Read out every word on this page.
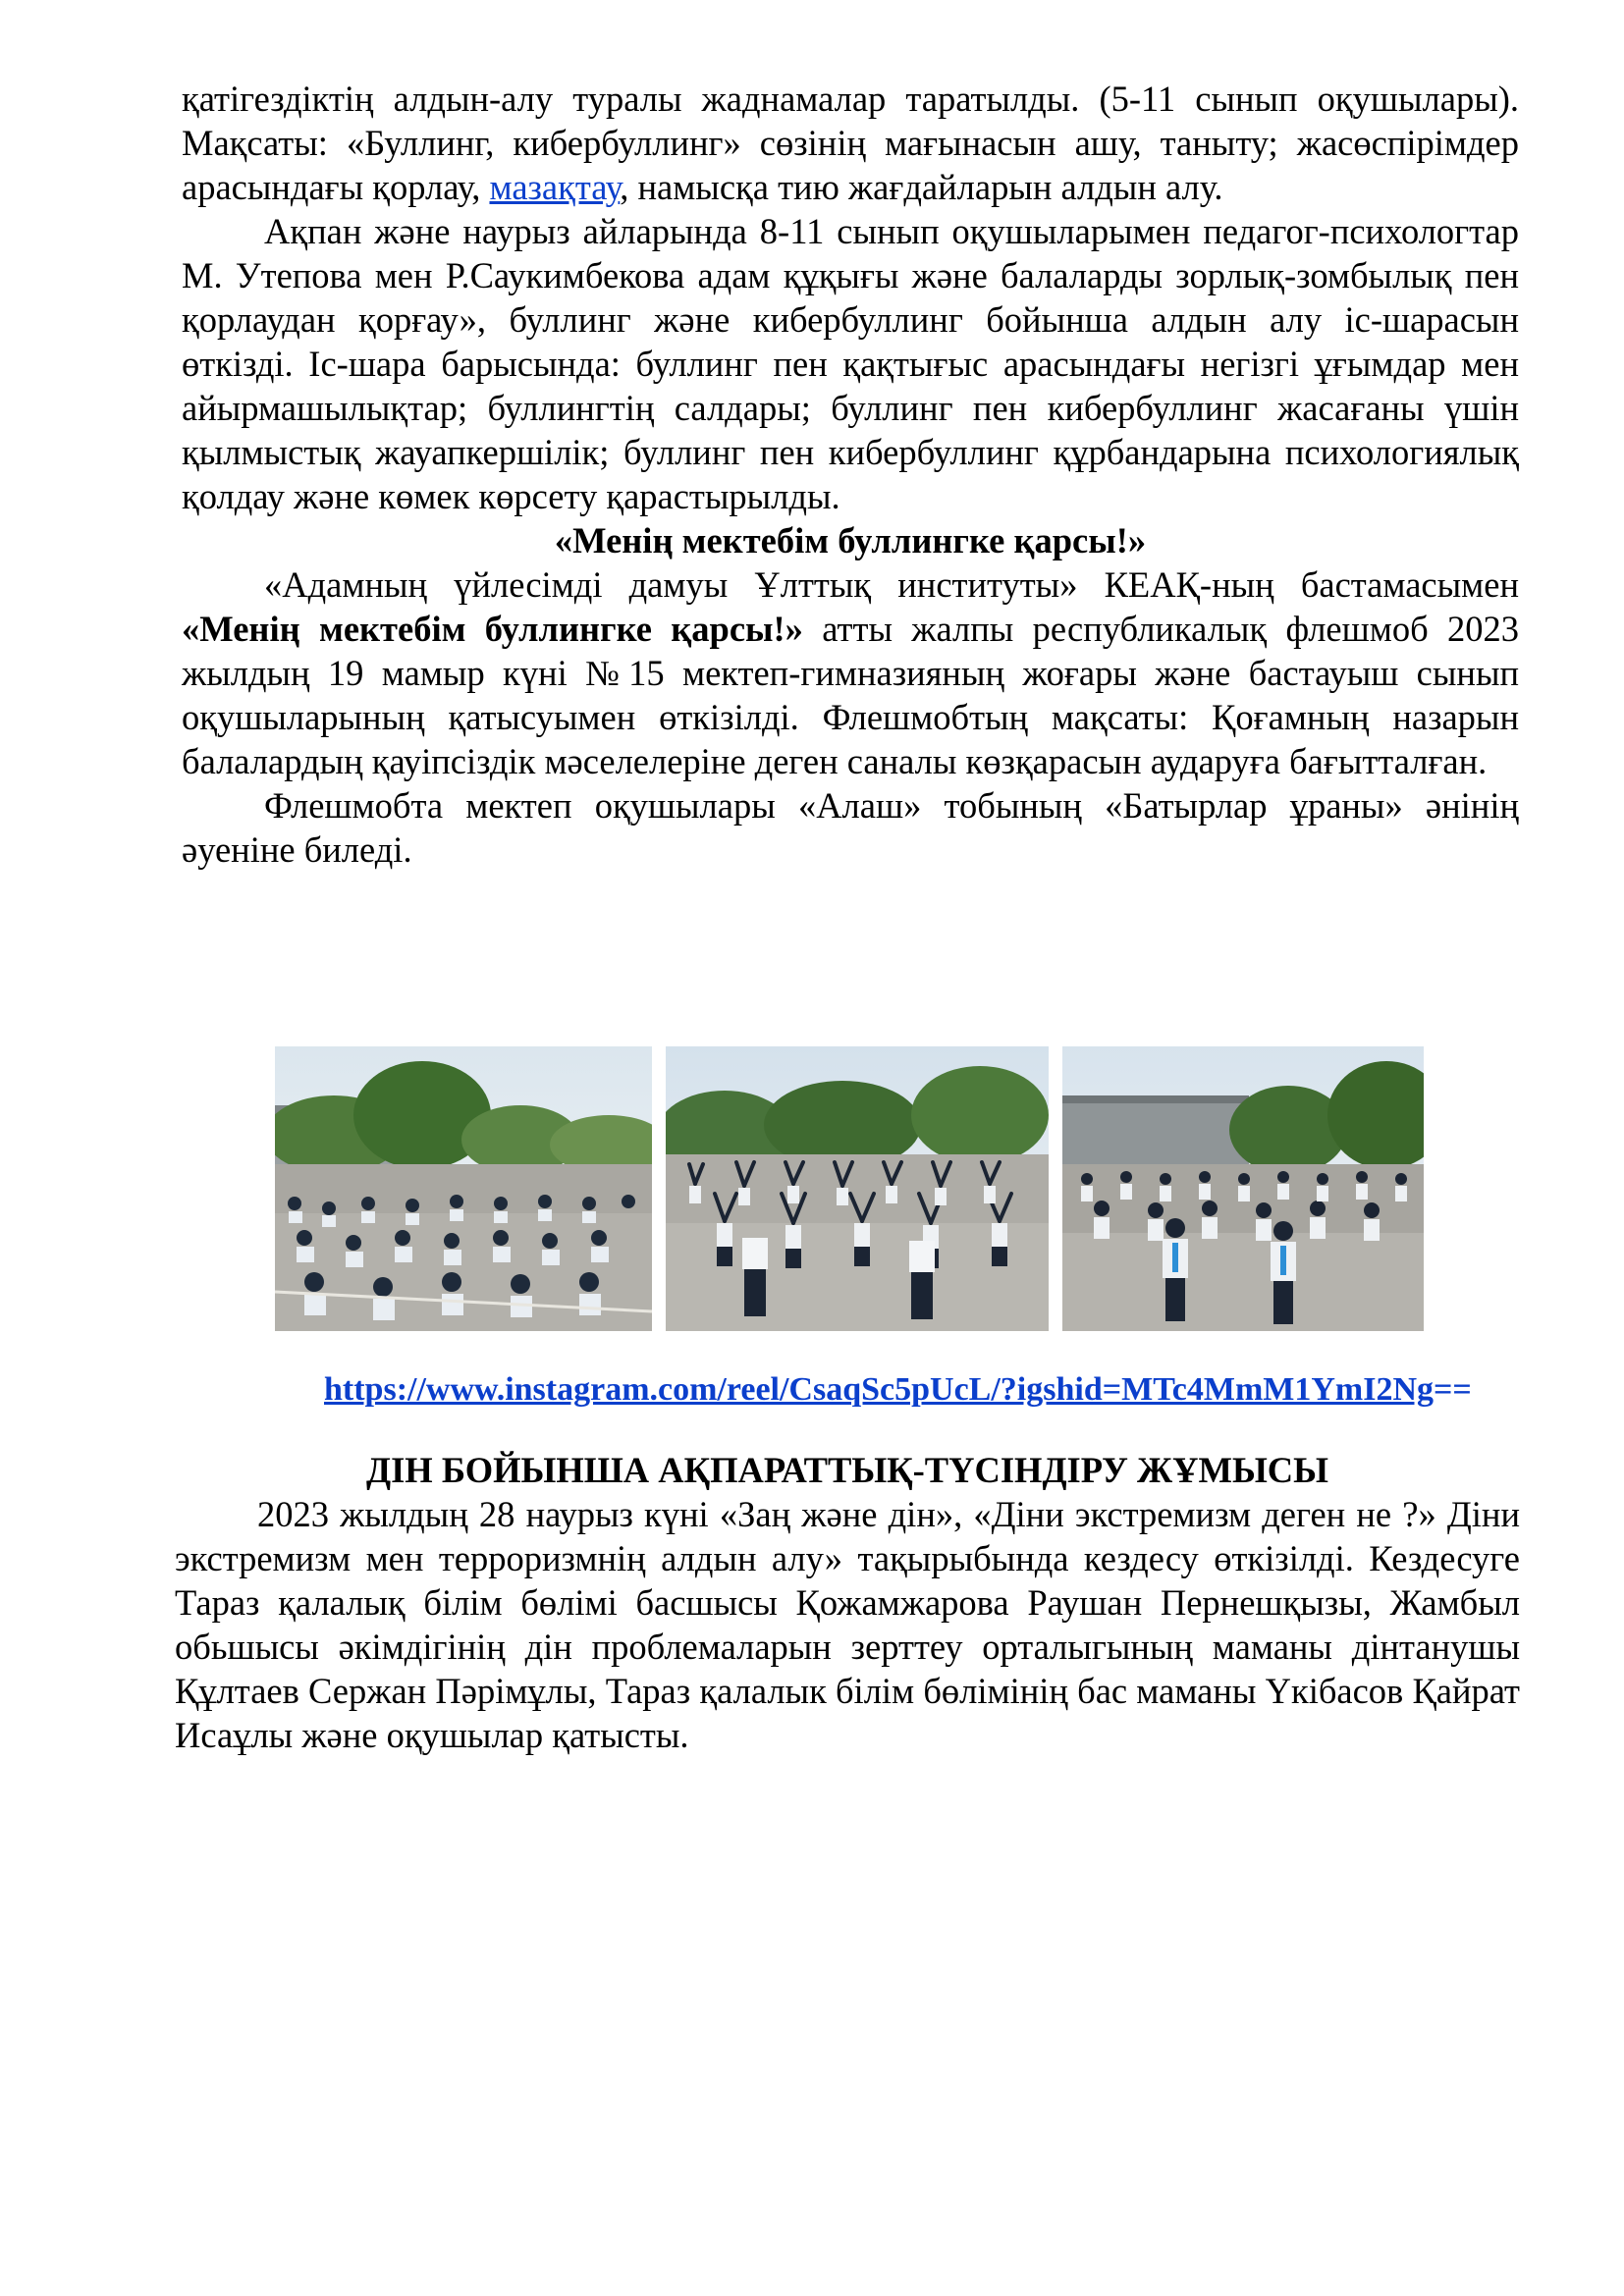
қатігездіктің алдын-алу туралы жаднамалар таратылды. (5-11 сынып оқушылары). Мақсаты: «Буллинг, кибербуллинг» сөзінің мағынасын ашу, таныту; жасөспірімдер арасындағы қорлау, мазақтау, намысқа тию жағдайларын алдын алу.

Ақпан және наурыз айларында 8-11 сынып оқушыларымен педагог-психологтар М. Утепова мен Р.Саукимбекова адам құқығы және балаларды зорлық-зомбылық пен қорлаудан қорғау», буллинг және кибербуллинг бойынша алдын алу іс-шарасын өткізді. Іс-шара барысында: буллинг пен қақтығыс арасындағы негізгі ұғымдар мен айырмашылықтар; буллингтің салдары; буллинг пен кибербуллинг жасағаны үшін қылмыстық жауапкершілік; буллинг пен кибербуллинг құрбандарына психологиялық қолдау және көмек көрсету қарастырылды.

«Менің мектебім буллингке қарсы!»

«Адамның үйлесімді дамуы Ұлттық институты» КЕАҚ-ның бастамасымен «Менің мектебім буллингке қарсы!» атты жалпы республикалық флешмоб 2023 жылдың 19 мамыр күні №15 мектеп-гимназияның жоғары және бастауыш сынып оқушыларының қатысуымен өткізілді. Флешмобтың мақсаты: Қоғамның назарын балалардың қауіпсіздік мәселелеріне деген саналы көзқарасын аударуға бағытталған.

Флешмобта мектеп оқушылары «Алаш» тобының «Батырлар ұраны» әнінің әуеніне биледі.

https://www.instagram.com/reel/CsaqSc5pUcL/?igshid=MTc4MmM1YmI2Ng==
ДІН БОЙЫНША АҚПАРАТТЫҚ-ТҮСІНДІРУ ЖҰМЫСЫ

2023 жылдың 28 наурыз күні «Заң және дін», «Діни экстремизм деген не ?» Діни экстремизм мен терроризмнің алдын алу» тақырыбында кездесу өткізілді. Кездесуге Тараз қалалық білім бөлімі басшысы Қожамжарова Раушан Пернешқызы, Жамбыл обьшысы әкімдігінің дін проблемаларын зерттеу орталыгының маманы дінтанушы Құлтаев Сержан Пәрімұлы, Тараз қалалык білім бөлімінің бас маманы Үкібасов Қайрат Исаұлы және оқушылар қатысты.
